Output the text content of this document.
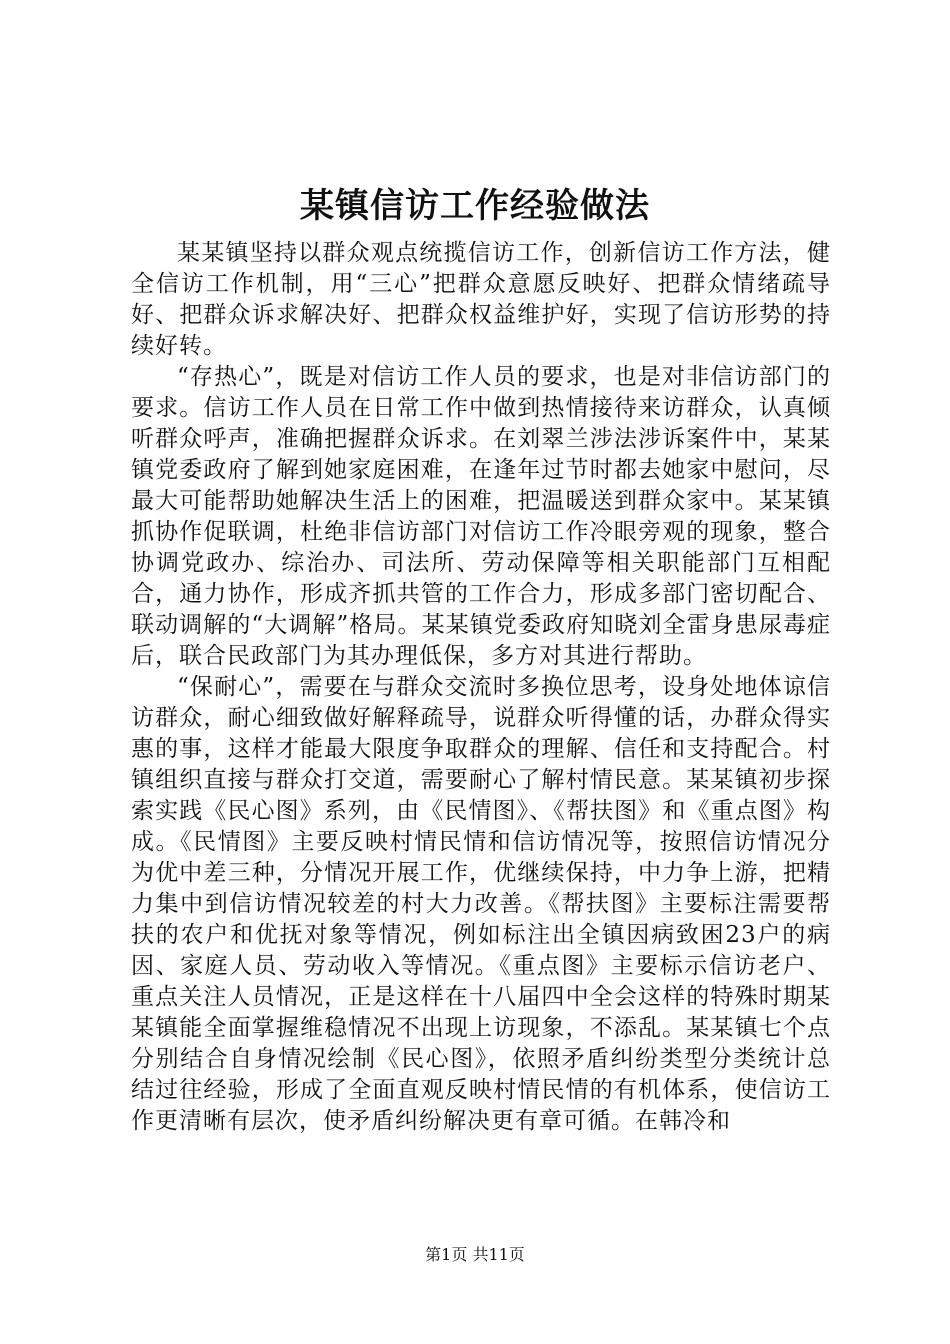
某镇信访工作经验做法

某某镇坚持以群众观点统揽信访工作，创新信访工作方法，健全信访工作机制，用“三心”把群众意愿反映好、把群众情绪疏导好、把群众诉求解决好、把群众权益维护好，实现了信访形势的持续好转。

“存热心”，既是对信访工作人员的要求，也是对非信访部门的要求。信访工作人员在日常工作中做到热情接待来访群众，认真倾听群众呼声，准确把握群众诉求。在刘翠兰涉法涉诉案件中，某某镇党委政府了解到她家庭困难，在逢年过节时都去她家中慰问，尽最大可能帮助她解决生活上的困难，把温暖送到群众家中。某某镇抓协作促联调，杜绝非信访部门对信访工作冷眼旁观的现象，整合协调党政办、综治办、司法所、劳动保障等相关职能部门互相配合，通力协作，形成齐抓共管的工作合力，形成多部门密切配合、联动调解的“大调解”格局。某某镇党委政府知晓刘全雷身患尿毒症后，联合民政部门为其办理低保，多方对其进行帮助。

“保耐心”，需要在与群众交流时多换位思考，设身处地体谅信访群众，耐心细致做好解释疏导，说群众听得懂的话，办群众得实惠的事，这样才能最大限度争取群众的理解、信任和支持配合。村镇组织直接与群众打交道，需要耐心了解村情民意。某某镇初步探索实践《民心图》系列，由《民情图》、《帮扶图》和《重点图》构成。《民情图》主要反映村情民情和信访情况等，按照信访情况分为优中差三种，分情况开展工作，优继续保持，中力争上游，把精力集中到信访情况较差的村大力改善。《帮扶图》主要标注需要帮扶的农户和优抚对象等情况，例如标注出全镇因病致困23户的病因、家庭人员、劳动收入等情况。《重点图》主要标示信访老户、重点关注人员情况，正是这样在十八届四中全会这样的特殊时期某某镇能全面掌握维稳情况不出现上访现象，不添乱。某某镇七个点分别结合自身情况绘制《民心图》，依照矛盾纠纷类型分类统计总结过往经验，形成了全面直观反映村情民情的有机体系，使信访工作更清晰有层次，使矛盾纠纷解决更有章可循。在韩冷和

第1页 共11页
